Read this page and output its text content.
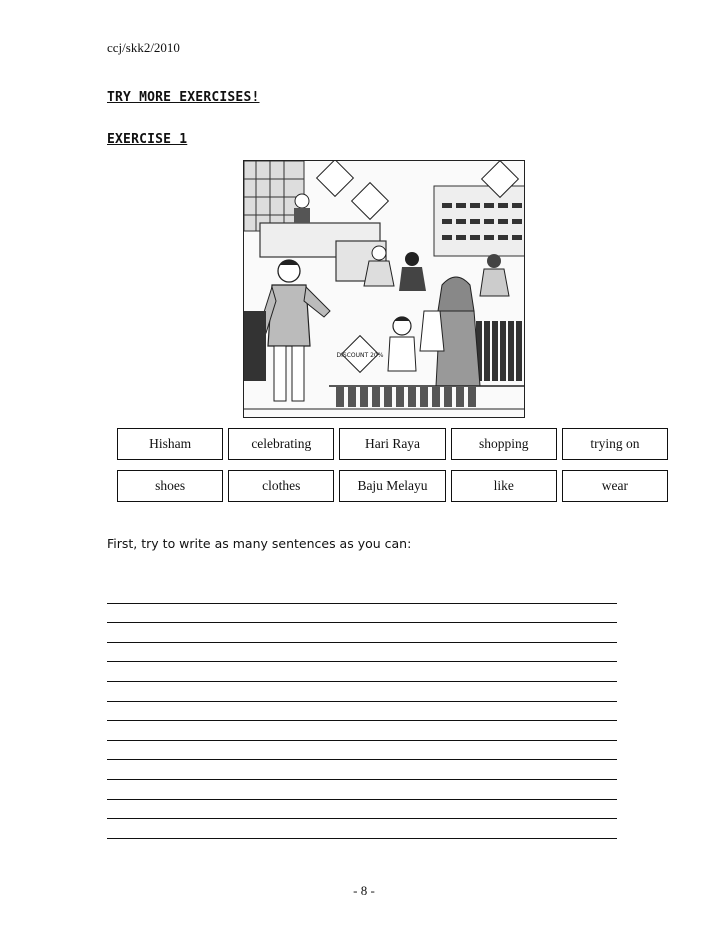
ccj/skk2/2010
TRY MORE EXERCISES!
EXERCISE 1
DISCOUNT 20%
Hisham	celebrating	Hari Raya	shopping	trying on
shoes	clothes	Baju Melayu	like	wear
First, try to write as many sentences as you can:
- 8 -
